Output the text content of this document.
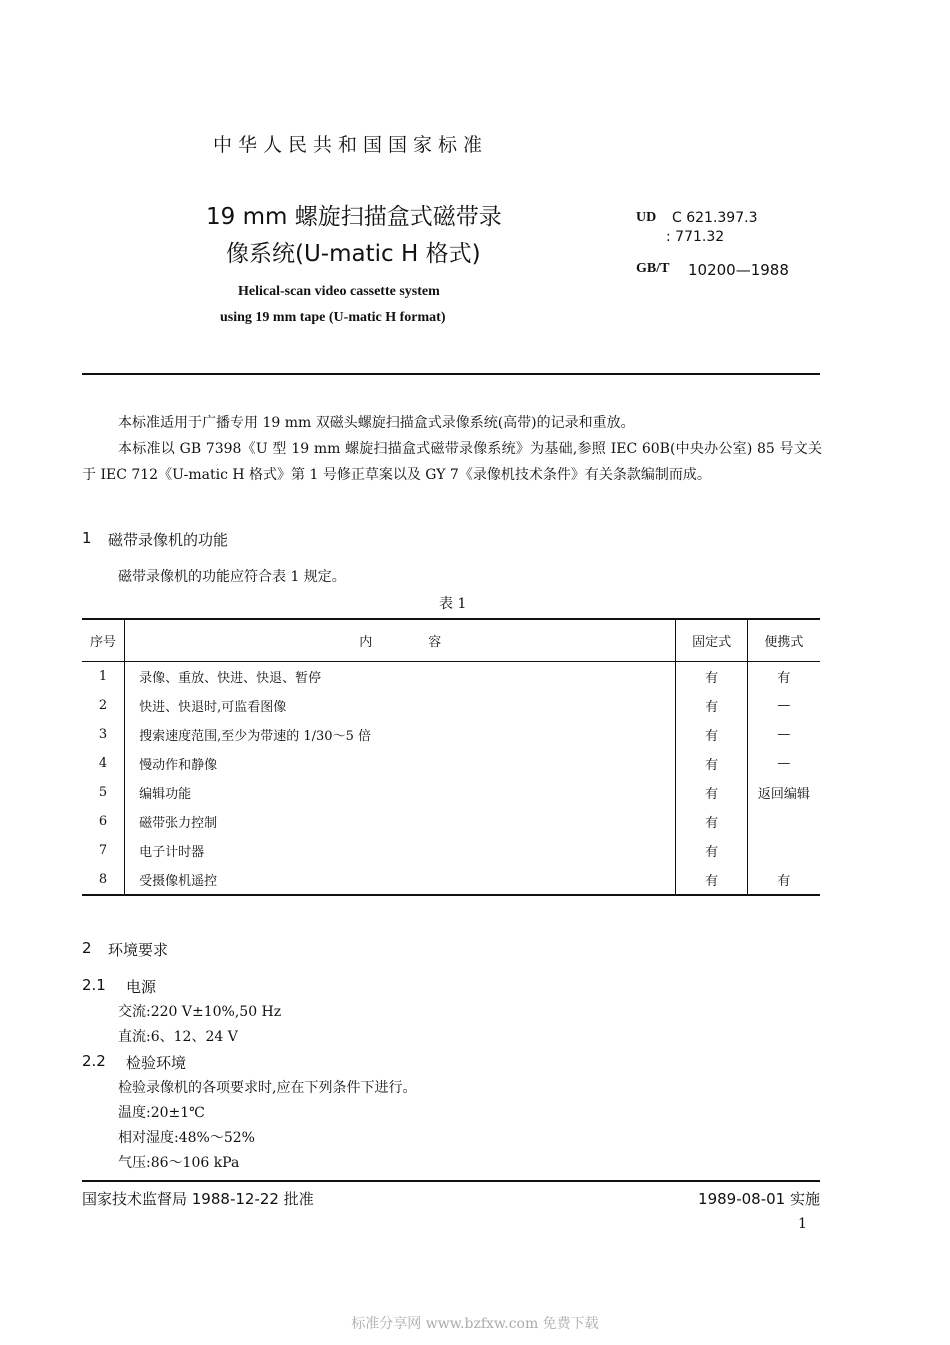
中华人民共和国国家标准
19 mm 螺旋扫描盒式磁带录
像系统(U-matic H 格式)
Helical-scan video cassette system
using 19 mm tape (U-matic H format)
UD C 621.397.3
: 771.32
GB/T 10200—1988
本标准适用于广播专用 19 mm 双磁头螺旋扫描盒式录像系统(高带)的记录和重放。
本标准以 GB 7398《U 型 19 mm 螺旋扫描盒式磁带录像系统》为基础,参照 IEC 60B(中央办公室) 85 号文关于 IEC 712《U-matic H 格式》第 1 号修正草案以及 GY 7《录像机技术条件》有关条款编制而成。
1 磁带录像机的功能
磁带录像机的功能应符合表 1 规定。
表 1
序号	内容	固定式	便携式
1	录像、重放、快进、快退、暂停	有	有
2	快进、快退时,可监看图像	有	—
3	搜索速度范围,至少为带速的 1/30～5 倍	有	—
4	慢动作和静像	有	—
5	编辑功能	有	返回编辑
6	磁带张力控制	有	
7	电子计时器	有	
8	受摄像机遥控	有	有
2 环境要求
2.1 电源
交流:220 V±10%,50 Hz
直流:6、12、24 V
2.2 检验环境
检验录像机的各项要求时,应在下列条件下进行。
温度:20±1℃
相对湿度:48%～52%
气压:86～106 kPa
国家技术监督局 1988-12-22 批准	1989-08-01 实施
1
标准分享网 www.bzfxw.com 免费下载
